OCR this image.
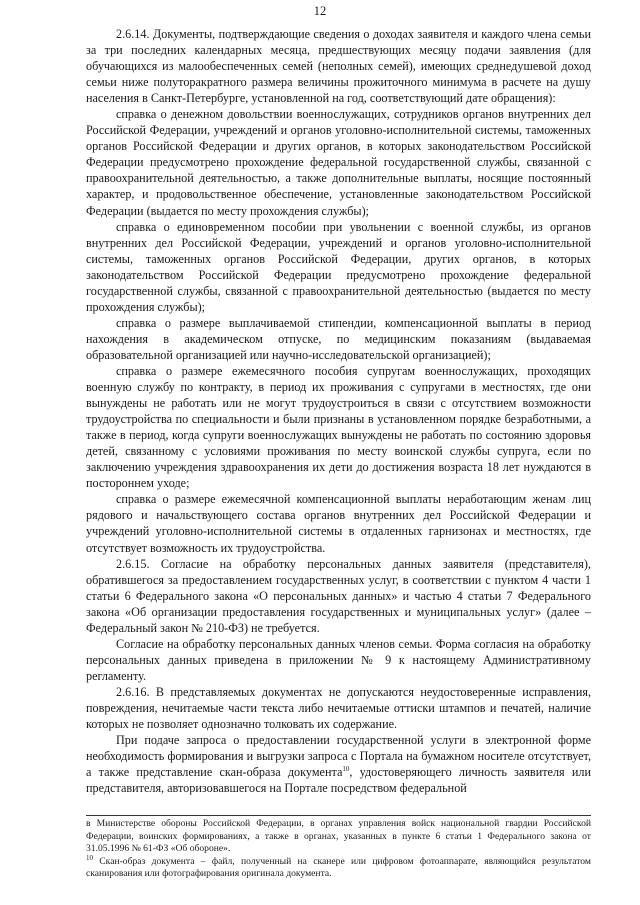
12

2.6.14. Документы, подтверждающие сведения о доходах заявителя и каждого члена семьи за три последних календарных месяца, предшествующих месяцу подачи заявления (для обучающихся из малообеспеченных семей (неполных семей), имеющих среднедушевой доход семьи ниже полуторакратного размера величины прожиточного минимума в расчете на душу населения в Санкт-Петербурге, установленной на год, соответствующий дате обращения):

справка о денежном довольствии военнослужащих, сотрудников органов внутренних дел Российской Федерации, учреждений и органов уголовно-исполнительной системы, таможенных органов Российской Федерации и других органов, в которых законодательством Российской Федерации предусмотрено прохождение федеральной государственной службы, связанной с правоохранительной деятельностью, а также дополнительные выплаты, носящие постоянный характер, и продовольственное обеспечение, установленные законодательством Российской Федерации (выдается по месту прохождения службы);

справка о единовременном пособии при увольнении с военной службы, из органов внутренних дел Российской Федерации, учреждений и органов уголовно-исполнительной системы, таможенных органов Российской Федерации, других органов, в которых законодательством Российской Федерации предусмотрено прохождение федеральной государственной службы, связанной с правоохранительной деятельностью (выдается по месту прохождения службы);

справка о размере выплачиваемой стипендии, компенсационной выплаты в период нахождения в академическом отпуске, по медицинским показаниям (выдаваемая образовательной организацией или научно-исследовательской организацией);

справка о размере ежемесячного пособия супругам военнослужащих, проходящих военную службу по контракту, в период их проживания с супругами в местностях, где они вынуждены не работать или не могут трудоустроиться в связи с отсутствием возможности трудоустройства по специальности и были признаны в установленном порядке безработными, а также в период, когда супруги военнослужащих вынуждены не работать по состоянию здоровья детей, связанному с условиями проживания по месту воинской службы супруга, если по заключению учреждения здравоохранения их дети до достижения возраста 18 лет нуждаются в постороннем уходе;

справка о размере ежемесячной компенсационной выплаты неработающим женам лиц рядового и начальствующего состава органов внутренних дел Российской Федерации и учреждений уголовно-исполнительной системы в отдаленных гарнизонах и местностях, где отсутствует возможность их трудоустройства.

2.6.15. Согласие на обработку персональных данных заявителя (представителя), обратившегося за предоставлением государственных услуг, в соответствии с пунктом 4 части 1 статьи 6 Федерального закона «О персональных данных» и частью 4 статьи 7 Федерального закона «Об организации предоставления государственных и муниципальных услуг» (далее – Федеральный закон № 210-ФЗ) не требуется.

Согласие на обработку персональных данных членов семьи. Форма согласия на обработку персональных данных приведена в приложении № 9 к настоящему Административному регламенту.

2.6.16. В представляемых документах не допускаются неудостоверенные исправления, повреждения, нечитаемые части текста либо нечитаемые оттиски штампов и печатей, наличие которых не позволяет однозначно толковать их содержание.

При подаче запроса о предоставлении государственной услуги в электронной форме необходимость формирования и выгрузки запроса с Портала на бумажном носителе отсутствует, а также представление скан-образа документа$^{10}$, удостоверяющего личность заявителя или представителя, авторизовавшегося на Портале посредством федеральной

в Министерстве обороны Российской Федерации, в органах управления войск национальной гвардии Российской Федерации, воинских формированиях, а также в органах, указанных в пункте 6 статьи 1 Федерального закона от 31.05.1996 № 61-ФЗ «Об обороне».

$^{10}$ Скан-образ документа – файл, полученный на сканере или цифровом фотоаппарате, являющийся результатом сканирования или фотографирования оригинала документа.
